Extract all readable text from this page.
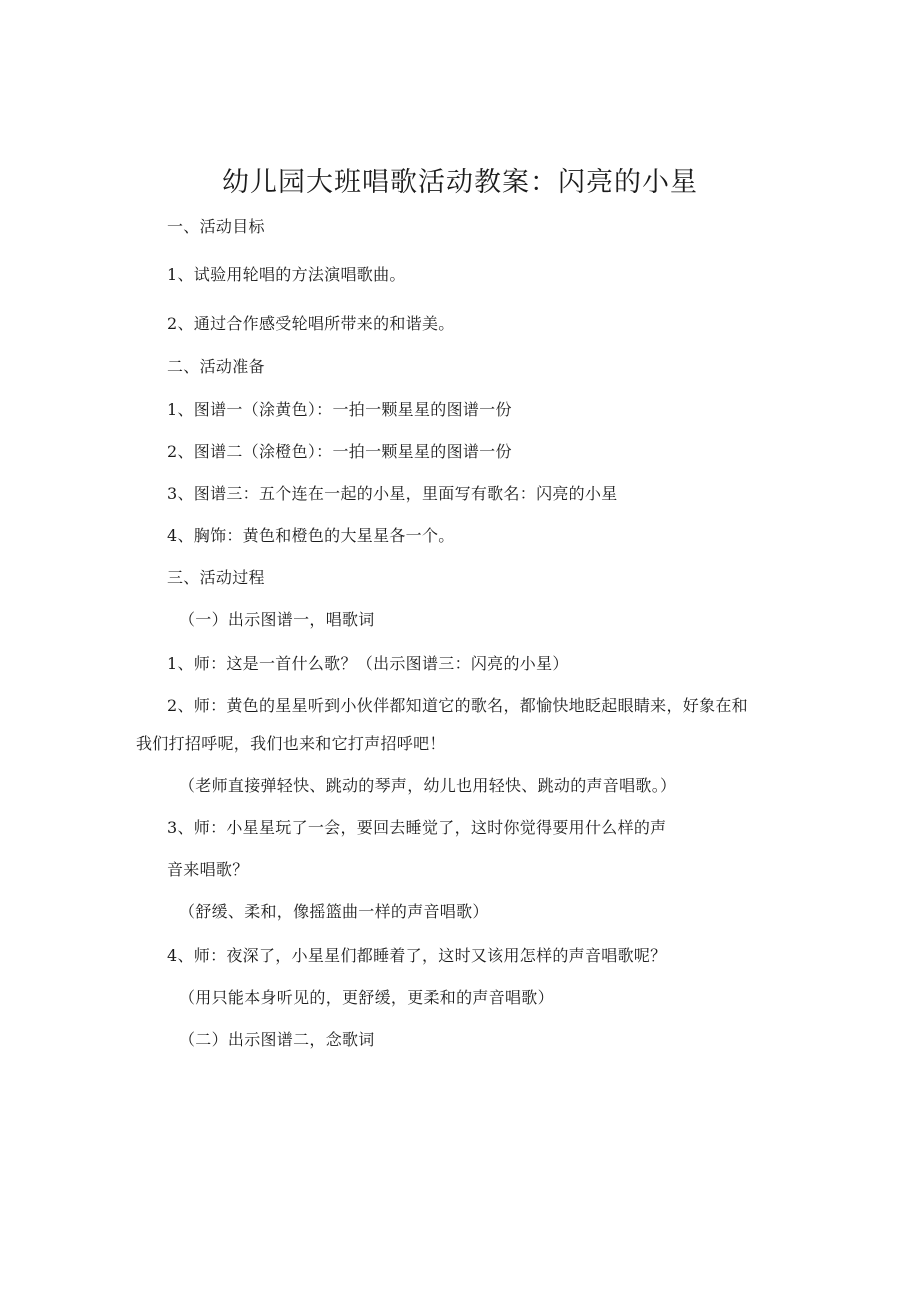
幼儿园大班唱歌活动教案：闪亮的小星
一、活动目标
1、试验用轮唱的方法演唱歌曲。
2、通过合作感受轮唱所带来的和谐美。
二、活动准备
1、图谱一（涂黄色）：一拍一颗星星的图谱一份
2、图谱二（涂橙色）：一拍一颗星星的图谱一份
3、图谱三：五个连在一起的小星，里面写有歌名：闪亮的小星
4、胸饰：黄色和橙色的大星星各一个。
三、活动过程
（一）出示图谱一，唱歌词
1、师：这是一首什么歌？（出示图谱三：闪亮的小星）
2、师：黄色的星星听到小伙伴都知道它的歌名，都愉快地眨起眼睛来，好象在和
我们打招呼呢，我们也来和它打声招呼吧！
（老师直接弹轻快、跳动的琴声，幼儿也用轻快、跳动的声音唱歌。）
3、师：小星星玩了一会，要回去睡觉了，这时你觉得要用什么样的声
音来唱歌？
（舒缓、柔和，像摇篮曲一样的声音唱歌）
4、师：夜深了，小星星们都睡着了，这时又该用怎样的声音唱歌呢？
（用只能本身听见的，更舒缓，更柔和的声音唱歌）
（二）出示图谱二，念歌词
